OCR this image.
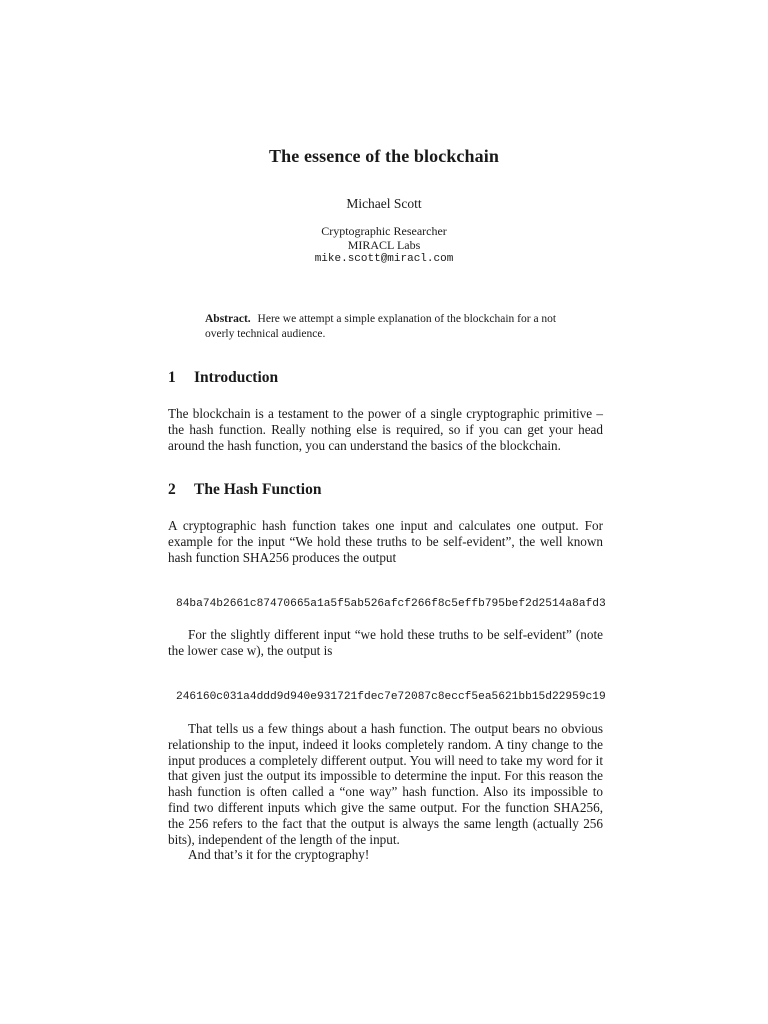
The essence of the blockchain
Michael Scott
Cryptographic Researcher
MIRACL Labs
mike.scott@miracl.com
Abstract. Here we attempt a simple explanation of the blockchain for a not overly technical audience.
1 Introduction
The blockchain is a testament to the power of a single cryptographic primitive – the hash function. Really nothing else is required, so if you can get your head around the hash function, you can understand the basics of the blockchain.
2 The Hash Function
A cryptographic hash function takes one input and calculates one output. For example for the input “We hold these truths to be self-evident”, the well known hash function SHA256 produces the output
84ba74b2661c87470665a1a5f5ab526afcf266f8c5effb795bef2d2514a8afd3
For the slightly different input “we hold these truths to be self-evident” (note the lower case w), the output is
246160c031a4ddd9d940e931721fdec7e72087c8eccf5ea5621bb15d22959c19
That tells us a few things about a hash function. The output bears no obvious relationship to the input, indeed it looks completely random. A tiny change to the input produces a completely different output. You will need to take my word for it that given just the output its impossible to determine the input. For this reason the hash function is often called a “one way” hash function. Also its impossible to find two different inputs which give the same output. For the function SHA256, the 256 refers to the fact that the output is always the same length (actually 256 bits), independent of the length of the input.
And that’s it for the cryptography!
